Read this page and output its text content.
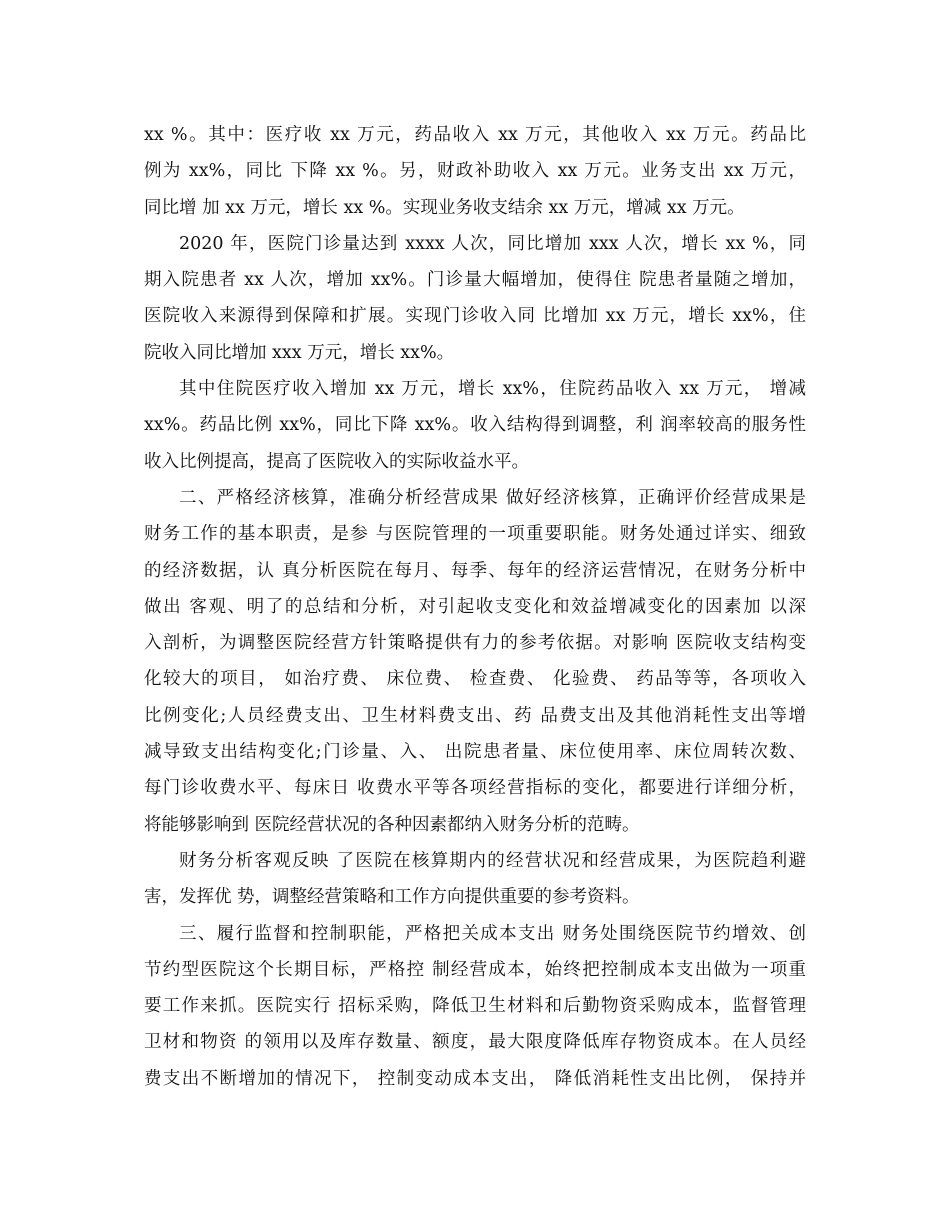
xx %。其中：医疗收 xx 万元，药品收入 xx 万元，其他收入 xx 万元。药品比
例为 xx%，同比 下降 xx %。另，财政补助收入 xx 万元。业务支出 xx 万元，
同比增 加 xx 万元，增长 xx %。实现业务收支结余 xx 万元，增减 xx 万元。
2020 年，医院门诊量达到 xxxx 人次，同比增加 xxx 人次，增长 xx %，同
期入院患者 xx 人次，增加 xx%。门诊量大幅增加，使得住 院患者量随之增加，
医院收入来源得到保障和扩展。实现门诊收入同 比增加 xx 万元，增长 xx%，住
院收入同比增加 xxx 万元，增长 xx%。
其中住院医疗收入增加 xx 万元，增长 xx%，住院药品收入 xx 万元， 增减
xx%。药品比例 xx%，同比下降 xx%。收入结构得到调整，利 润率较高的服务性
收入比例提高，提高了医院收入的实际收益水平。
二、严格经济核算，准确分析经营成果 做好经济核算，正确评价经营成果是
财务工作的基本职责，是参 与医院管理的一项重要职能。财务处通过详实、细致
的经济数据，认 真分析医院在每月、每季、每年的经济运营情况，在财务分析中
做出 客观、明了的总结和分析，对引起收支变化和效益增减变化的因素加 以深
入剖析，为调整医院经营方针策略提供有力的参考依据。对影响 医院收支结构变
化较大的项目， 如治疗费、 床位费、 检查费、 化验费、 药品等等，各项收入
比例变化;人员经费支出、卫生材料费支出、药 品费支出及其他消耗性支出等增
减导致支出结构变化;门诊量、入、 出院患者量、床位使用率、床位周转次数、
每门诊收费水平、每床日 收费水平等各项经营指标的变化，都要进行详细分析，
将能够影响到 医院经营状况的各种因素都纳入财务分析的范畴。
财务分析客观反映 了医院在核算期内的经营状况和经营成果，为医院趋利避
害，发挥优 势，调整经营策略和工作方向提供重要的参考资料。
三、履行监督和控制职能，严格把关成本支出 财务处围绕医院节约增效、创
节约型医院这个长期目标，严格控 制经营成本，始终把控制成本支出做为一项重
要工作来抓。医院实行 招标采购，降低卫生材料和后勤物资采购成本，监督管理
卫材和物资 的领用以及库存数量、额度，最大限度降低库存物资成本。在人员经
费支出不断增加的情况下， 控制变动成本支出， 降低消耗性支出比例， 保持并
